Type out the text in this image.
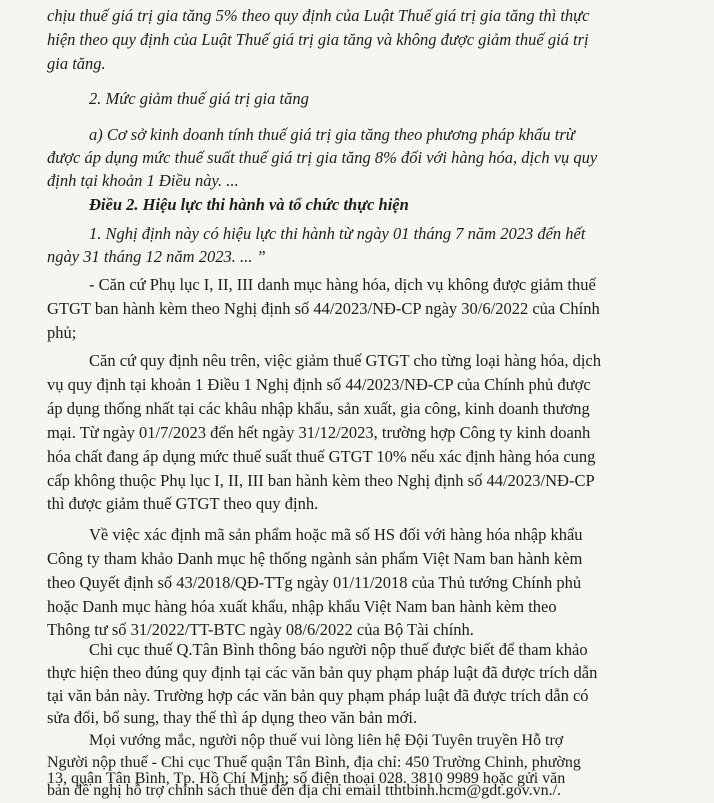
chịu thuế giá trị gia tăng 5% theo quy định của Luật Thuế giá trị gia tăng thì thực

hiện theo quy định của Luật Thuế giá trị gia tăng và không được giảm thuế giá trị

gia tăng.

2. Mức giảm thuế giá trị gia tăng

a) Cơ sở kinh doanh tính thuế giá trị gia tăng theo phương pháp khấu trừ

được áp dụng mức thuế suất thuế giá trị gia tăng 8% đối với hàng hóa, dịch vụ quy

định tại khoản 1 Điều này. ...

Điều 2. Hiệu lực thi hành và tổ chức thực hiện

1. Nghị định này có hiệu lực thi hành từ ngày 01 tháng 7 năm 2023 đến hết

ngày 31 tháng 12 năm 2023. ... ”

- Căn cứ Phụ lục I, II, III danh mục hàng hóa, dịch vụ không được giảm thuế

GTGT ban hành kèm theo Nghị định số 44/2023/NĐ-CP ngày 30/6/2022 của Chính

phủ;

Căn cứ quy định nêu trên, việc giảm thuế GTGT cho từng loại hàng hóa, dịch

vụ quy định tại khoản 1 Điều 1 Nghị định số 44/2023/NĐ-CP của Chính phủ được

áp dụng thống nhất tại các khâu nhập khẩu, sản xuất, gia công, kinh doanh thương

mại. Từ ngày 01/7/2023 đến hết ngày 31/12/2023, trường hợp Công ty kinh doanh

hóa chất đang áp dụng mức thuế suất thuế GTGT 10% nếu xác định hàng hóa cung

cấp không thuộc Phụ lục I, II, III ban hành kèm theo Nghị định số 44/2023/NĐ-CP

thì được giảm thuế GTGT theo quy định.

Về việc xác định mã sản phẩm hoặc mã số HS đối với hàng hóa nhập khẩu

Công ty tham khảo Danh mục hệ thống ngành sản phẩm Việt Nam ban hành kèm

theo Quyết định số 43/2018/QĐ-TTg ngày 01/11/2018 của Thủ tướng Chính phủ

hoặc Danh mục hàng hóa xuất khẩu, nhập khẩu Việt Nam ban hành kèm theo

Thông tư số 31/2022/TT-BTC ngày 08/6/2022 của Bộ Tài chính.

Chi cục thuế Q.Tân Bình thông báo người nộp thuế được biết để tham khảo

thực hiện theo đúng quy định tại các văn bản quy phạm pháp luật đã được trích dẫn

tại văn bản này. Trường hợp các văn bản quy phạm pháp luật đã được trích dẫn có

sửa đổi, bổ sung, thay thế thì áp dụng theo văn bản mới.

Mọi vướng mắc, người nộp thuế vui lòng liên hệ Đội Tuyên truyền Hỗ trợ

Người nộp thuế - Chi cục Thuế quận Tân Bình, địa chỉ: 450 Trường Chinh, phường

13, quận Tân Bình, Tp. Hồ Chí Minh; số điện thoại 028. 3810 9989 hoặc gửi văn

bản đề nghị hỗ trợ chính sách thuế đến địa chỉ email tthtbinh.hcm@gdt.gov.vn./.
